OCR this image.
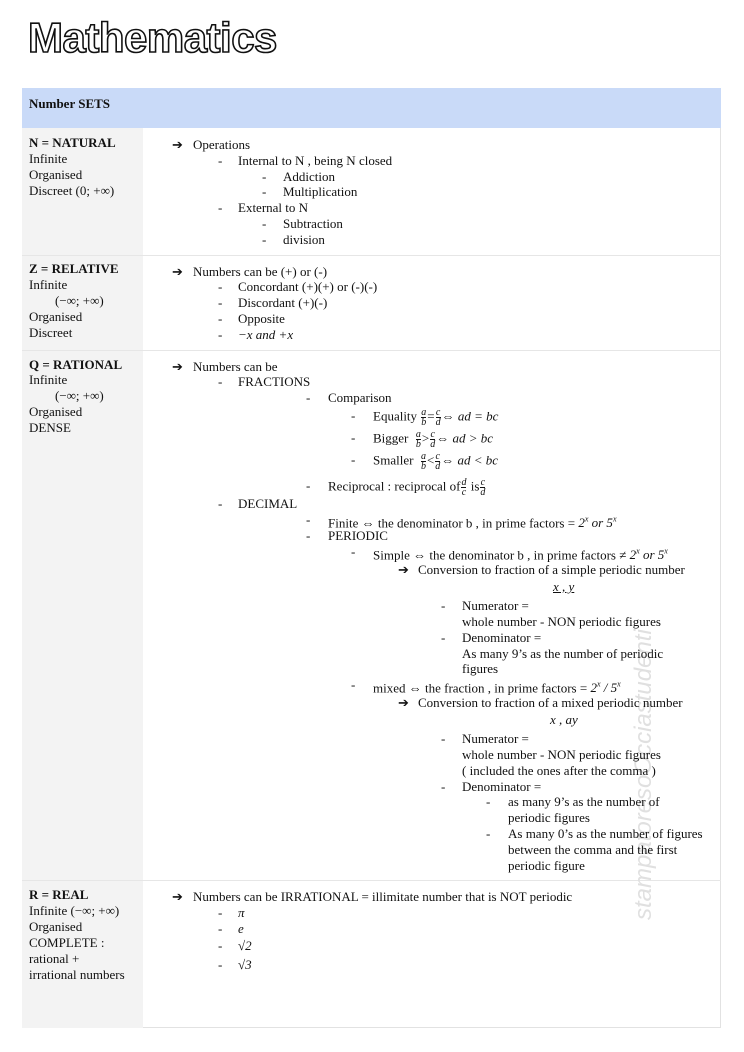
Mathematics
Number SETS
stampatoresoOcciastudenti
N = NATURAL
Infinite
Organised
Discreet (0; +∞)
➔ Operations
- Internal to N , being N closed
- Addiction
- Multiplication
- External to N
- Subtraction
- division
Z = RELATIVE
Infinite
(−∞; +∞)
Organised
Discreet
➔ Numbers can be (+) or (-)
- Concordant (+)(+) or (-)(-)
- Discordant (+)(-)
- Opposite
- −x and +x
Q = RATIONAL
Infinite
(−∞; +∞)
Organised
DENSE
➔ Numbers can be
- FRACTIONS
- Comparison
- Equality $\frac{a}{b} = \frac{c}{d}$ ⇔ ad = bc
- Bigger $\frac{a}{b} > \frac{c}{d}$ ⇔ ad > bc
- Smaller $\frac{a}{b} < \frac{c}{d}$ ⇔ ad < bc
- Reciprocal : reciprocal of $\frac{d}{c}$ is $\frac{c}{d}$
- DECIMAL
- Finite ⇔ the denominator b , in prime factors = $2^x$ or 5$^x$
- PERIODIC
- Simple ⇔ the denominator b , in prime factors ≠ $2^x$ or 5$^x$
➔ Conversion to fraction of a simple periodic number
x , y
- Numerator =
whole number - NON periodic figures
- Denominator =
As many 9’s as the number of periodic
figures
- mixed ⇔ the fraction , in prime factors = $2^x / 5^x$
➔ Conversion to fraction of a mixed periodic number
x , ay
- Numerator =
whole number - NON periodic figures
( included the ones after the comma )
- Denominator =
- as many 9’s as the number of
periodic figures
- As many 0’s as the number of figures
between the comma and the first
periodic figure
R = REAL
Infinite (−∞; +∞)
Organised
COMPLETE :
rational +
irrational numbers
➔ Numbers can be IRRATIONAL = illimitate number that is NOT periodic
- π
- e
- √2
- √3
